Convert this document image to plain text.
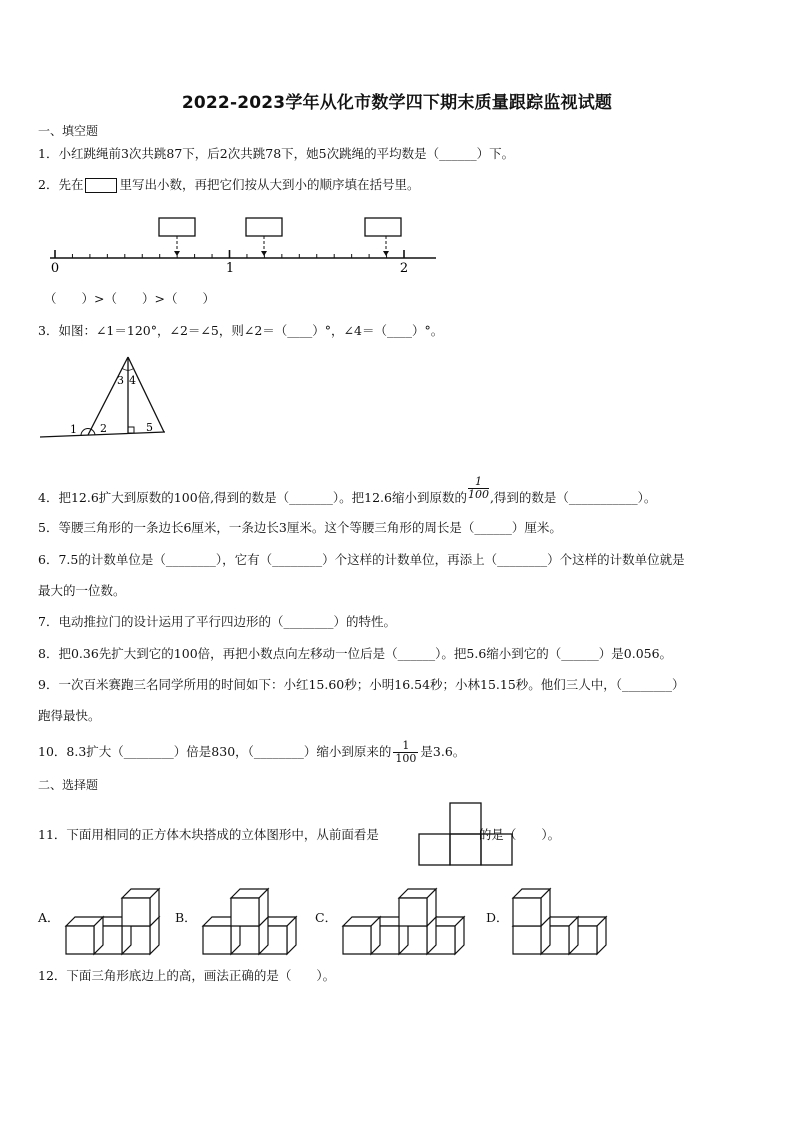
2022-2023学年从化市数学四下期末质量跟踪监视试题
一、填空题
1．小红跳绳前3次共跳87下，后2次共跳78下，她5次跳绳的平均数是（______）下。
2．先在	里写出小数，再把它们按从大到小的顺序填在括号里。
0	1	2
（　　）>（　　）>（　　）
3．如图：∠1＝120°，∠2＝∠5，则∠2＝（____）°，∠4＝（____）°。
1 2
3 4
5
4．把12.6扩大到原数的100倍,得到的数是（_______）。把12.6缩小到原数的 $\frac{1}{100}$,得到的数是（___________）。
5．等腰三角形的一条边长6厘米，一条边长3厘米。这个等腰三角形的周长是（______）厘米。
6．7.5的计数单位是（________），它有（________）个这样的计数单位，再添上（________）个这样的计数单位就是
最大的一位数。
7．电动推拉门的设计运用了平行四边形的（________）的特性。
8．把0.36先扩大到它的100倍，再把小数点向左移动一位后是（______）。把5.6缩小到它的（______）是0.056。
9．一次百米赛跑三名同学所用的时间如下：小红15.60秒；小明16.54秒；小林15.15秒。他们三人中，（________）
跑得最快。
10．8.3扩大（________）倍是830，（________）缩小到原来的 $\frac{1}{100}$ 是3.6。
二、选择题
11．下面用相同的正方体木块搭成的立体图形中，从前面看是	的是（　　）。
A．	B．	C．	D．
12．下面三角形底边上的高，画法正确的是（　　）。
